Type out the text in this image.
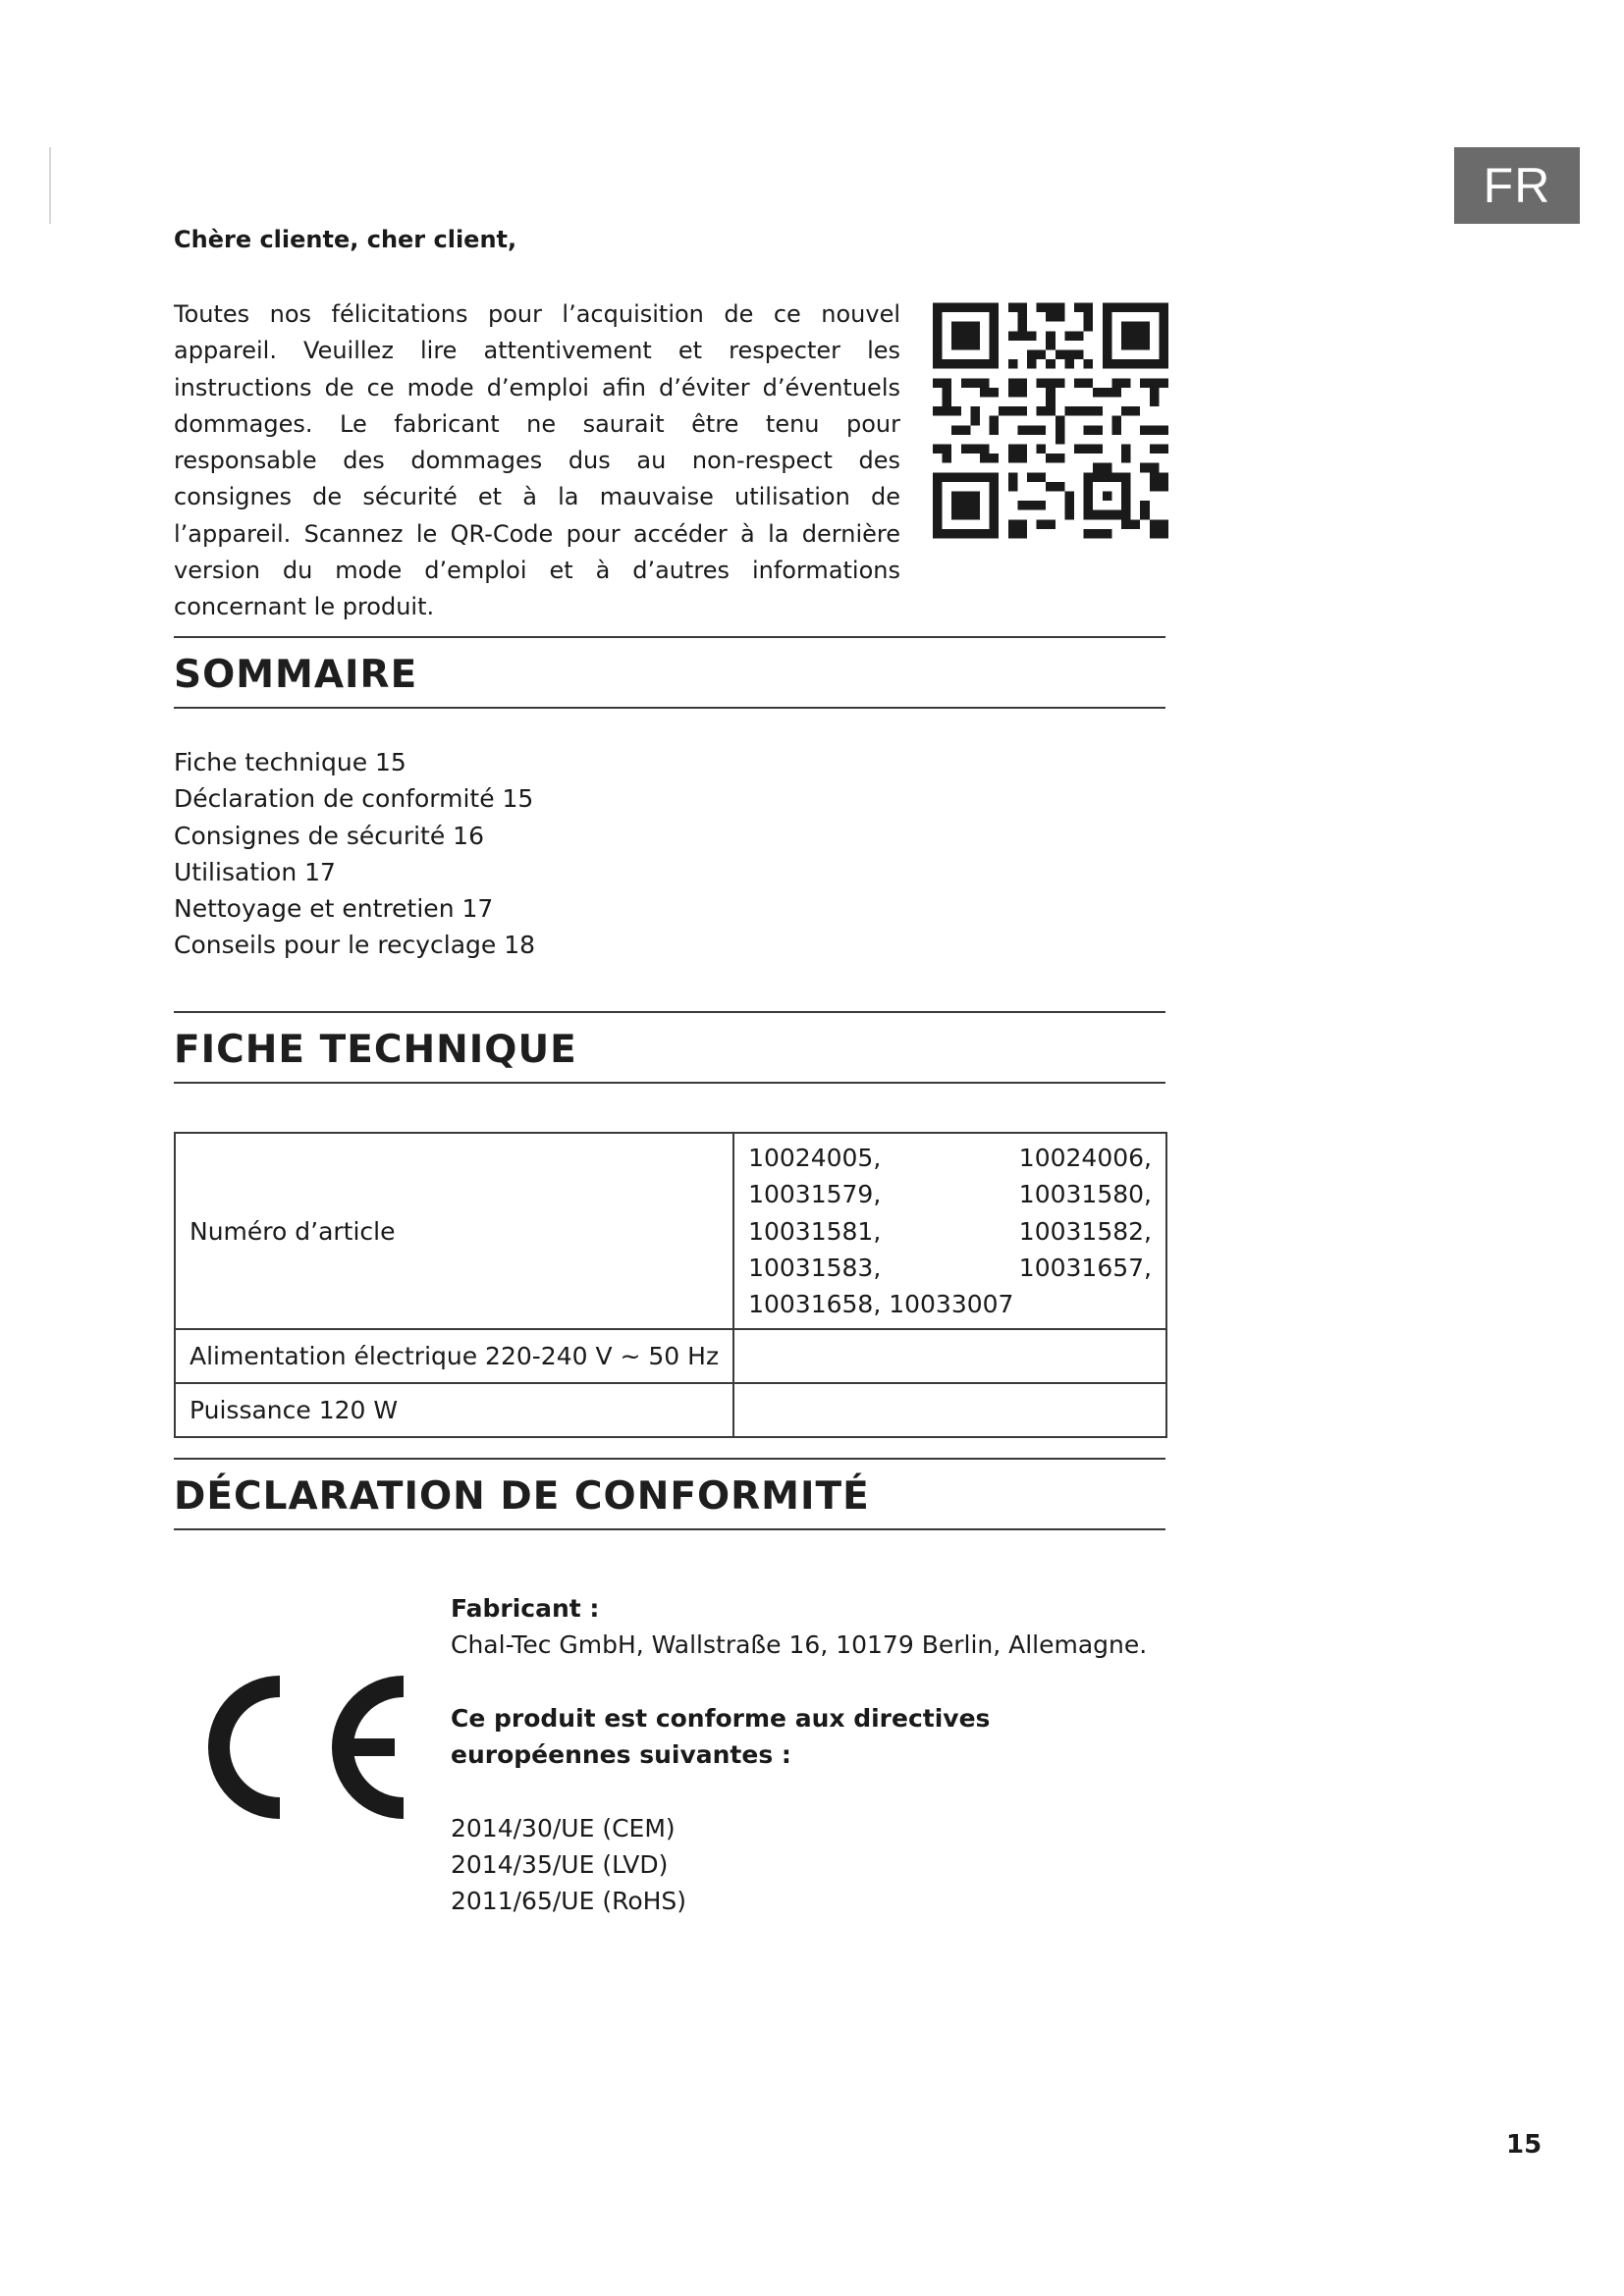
FR
Chère cliente, cher client,

Toutes nos félicitations pour l’acquisition de ce nouvel appareil. Veuillez lire attentivement et respecter les instructions de ce mode d’emploi afin d’éviter d’éventuels dommages. Le fabricant ne saurait être tenu pour responsable des dommages dus au non-respect des consignes de sécurité et à la mauvaise utilisation de l’appareil. Scannez le QR-Code pour accéder à la dernière version du mode d’emploi et à d’autres informations concernant le produit.

SOMMAIRE
Fiche technique 15
Déclaration de conformité 15
Consignes de sécurité 16
Utilisation 17
Nettoyage et entretien 17
Conseils pour le recyclage 18
FICHE TECHNIQUE
Numéro d’article	10024005, 10024006, 10031579, 10031580, 10031581, 10031582, 10031583, 10031657, 10031658, 10033007
Alimentation électrique 220-240 V ~ 50 Hz	
Puissance 120 W	
DÉCLARATION DE CONFORMITÉ

Fabricant :

Chal-Tec GmbH, Wallstraße 16, 10179 Berlin, Allemagne.

Ce produit est conforme aux directives européennes suivantes :

2014/30/UE (CEM)

2014/35/UE (LVD)

2011/65/UE (RoHS)

15
